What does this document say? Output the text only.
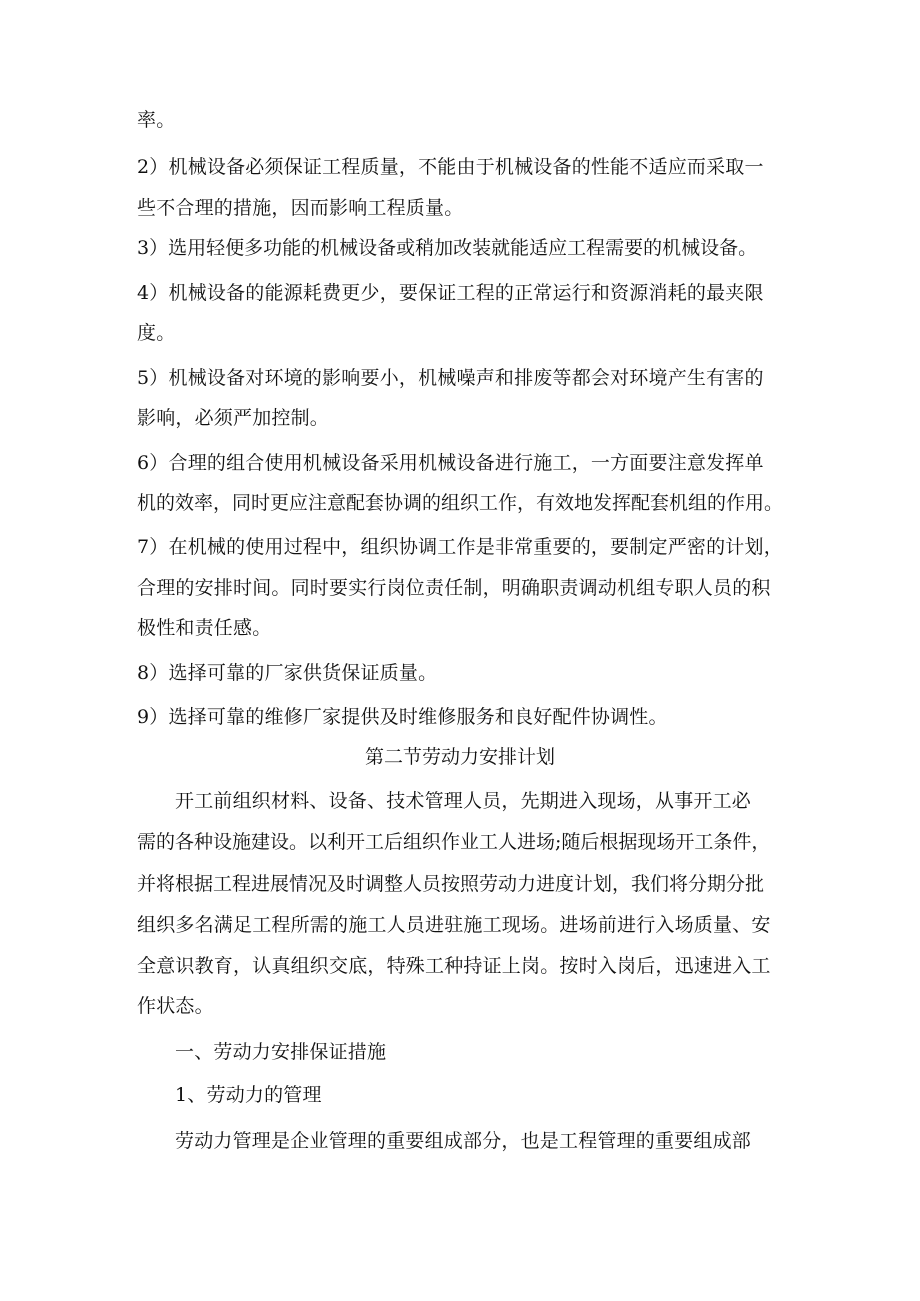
率。
2）机械设备必须保证工程质量，不能由于机械设备的性能不适应而采取一
些不合理的措施，因而影响工程质量。
3）选用轻便多功能的机械设备或稍加改装就能适应工程需要的机械设备。
4）机械设备的能源耗费更少，要保证工程的正常运行和资源消耗的最夹限
度。
5）机械设备对环境的影响要小，机械噪声和排废等都会对环境产生有害的
影响，必须严加控制。
6）合理的组合使用机械设备采用机械设备进行施工，一方面要注意发挥单
机的效率，同时更应注意配套协调的组织工作，有效地发挥配套机组的作用。
7）在机械的使用过程中，组织协调工作是非常重要的，要制定严密的计划，
合理的安排时间。同时要实行岗位责任制，明确职责调动机组专职人员的积
极性和责任感。
8）选择可靠的厂家供货保证质量。
9）选择可靠的维修厂家提供及时维修服务和良好配件协调性。
第二节劳动力安排计划
开工前组织材料、设备、技术管理人员，先期进入现场，从事开工必
需的各种设施建设。以利开工后组织作业工人进场;随后根据现场开工条件，
并将根据工程进展情况及时调整人员按照劳动力进度计划，我们将分期分批
组织多名满足工程所需的施工人员进驻施工现场。进场前进行入场质量、安
全意识教育，认真组织交底，特殊工种持证上岗。按时入岗后，迅速进入工
作状态。
一、劳动力安排保证措施
1、劳动力的管理
劳动力管理是企业管理的重要组成部分，也是工程管理的重要组成部
